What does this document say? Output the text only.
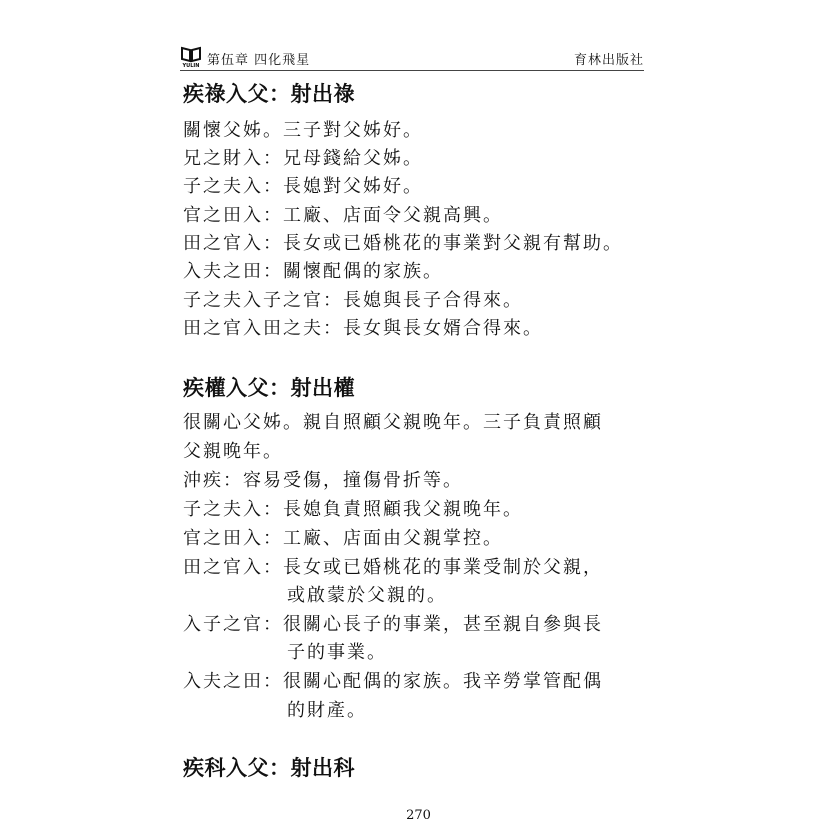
YULIN 第伍章 四化飛星	育林出版社
疾祿入父：射出祿
關懷父姊。三子對父姊好。
兄之財入：兄母錢給父姊。
子之夫入：長媳對父姊好。
官之田入：工廠、店面令父親高興。
田之官入：長女或已婚桃花的事業對父親有幫助。
入夫之田：關懷配偶的家族。
子之夫入子之官：長媳與長子合得來。
田之官入田之夫：長女與長女婿合得來。
疾權入父：射出權
很關心父姊。親自照顧父親晚年。三子負責照顧
父親晚年。
沖疾：容易受傷，撞傷骨折等。
子之夫入：長媳負責照顧我父親晚年。
官之田入：工廠、店面由父親掌控。
田之官入：長女或已婚桃花的事業受制於父親，
或啟蒙於父親的。
入子之官：很關心長子的事業，甚至親自參與長
子的事業。
入夫之田：很關心配偶的家族。我辛勞掌管配偶
的財產。
疾科入父：射出科
270
